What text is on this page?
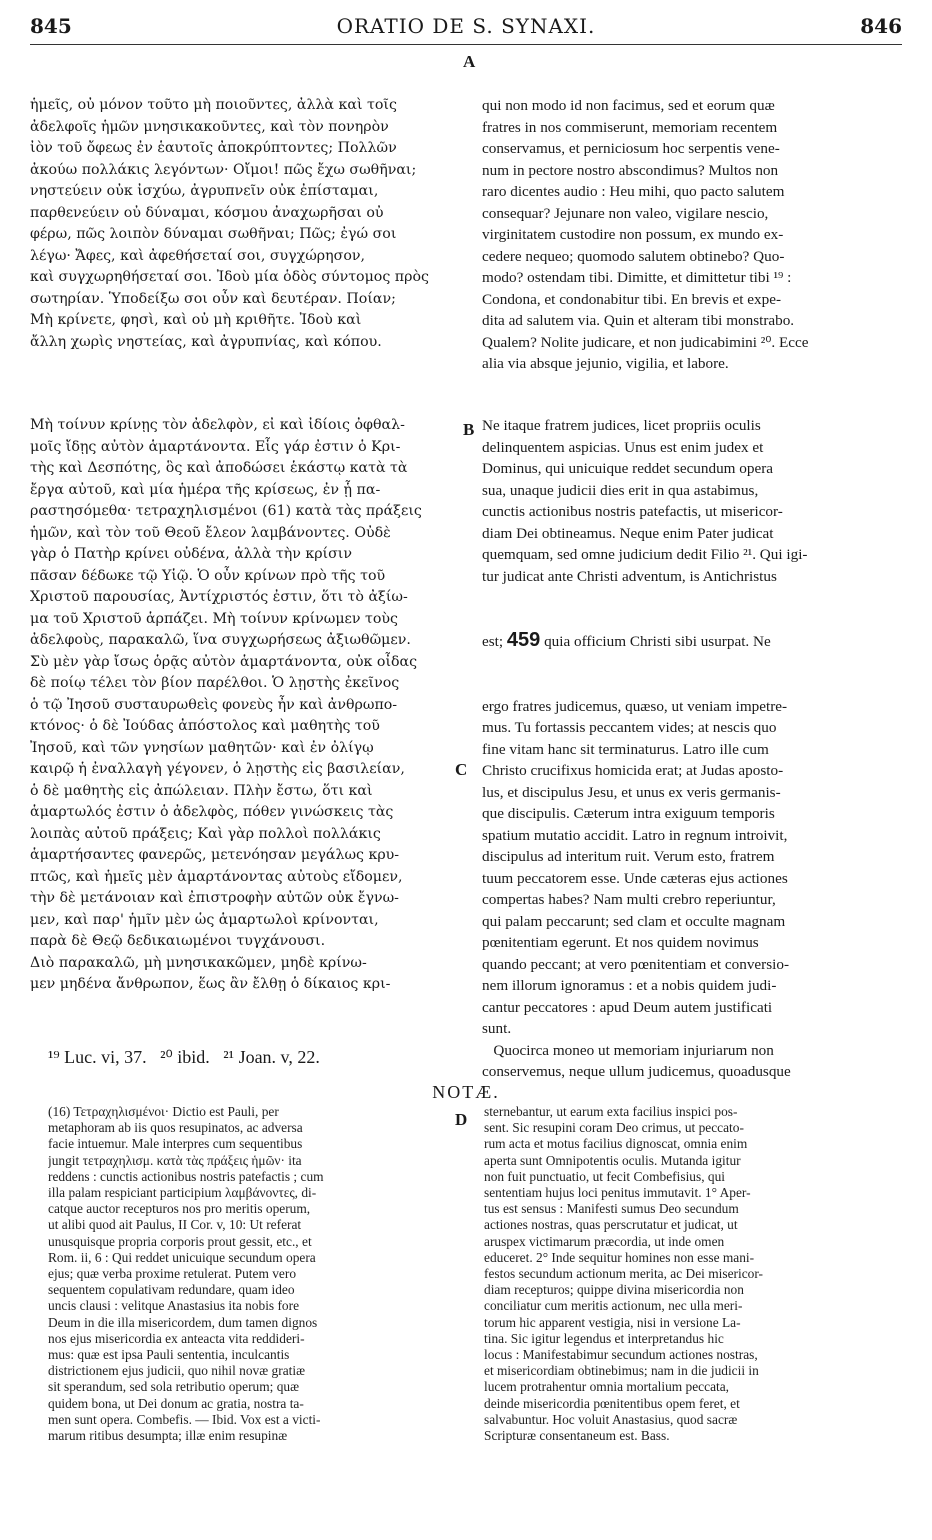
845	ORATIO DE S. SYNAXI.	846
A
B
C
D

ἡμεῖς, οὐ μόνον τοῦτο μὴ ποιοῦντες, ἀλλὰ καὶ τοῖς
ἀδελφοῖς ἡμῶν μνησικακοῦντες, καὶ τὸν πονηρὸν
ἰὸν τοῦ ὄφεως ἐν ἑαυτοῖς ἀποκρύπτοντες; Πολλῶν
ἀκούω πολλάκις λεγόντων· Οἴμοι! πῶς ἔχω σωθῆναι;
νηστεύειν οὐκ ἰσχύω, ἀγρυπνεῖν οὐκ ἐπίσταμαι,
παρθενεύειν οὐ δύναμαι, κόσμου ἀναχωρῆσαι οὐ
φέρω, πῶς λοιπὸν δύναμαι σωθῆναι; Πῶς; ἐγώ σοι
λέγω· Ἄφες, καὶ ἀφεθήσεταί σοι, συγχώρησον,
καὶ συγχωρηθήσεταί σοι. Ἰδοὺ μία ὁδὸς σύντομος πρὸς
σωτηρίαν. Ὑποδείξω σοι οὖν καὶ δευτέραν. Ποίαν;
Μὴ κρίνετε, φησὶ, καὶ οὐ μὴ κριθῆτε. Ἰδοὺ καὶ
ἄλλη χωρὶς νηστείας, καὶ ἀγρυπνίας, καὶ κόπου.

Μὴ τοίνυν κρίνῃς τὸν ἀδελφὸν, εἰ καὶ ἰδίοις ὀφθαλ-
μοῖς ἴδῃς αὐτὸν ἁμαρτάνοντα. Εἷς γάρ ἐστιν ὁ Κρι-
τὴς καὶ Δεσπότης, ὃς καὶ ἀποδώσει ἑκάστῳ κατὰ τὰ
ἔργα αὐτοῦ, καὶ μία ἡμέρα τῆς κρίσεως, ἐν ᾗ πα-
ραστησόμεθα· τετραχηλισμένοι (61) κατὰ τὰς πράξεις
ἡμῶν, καὶ τὸν τοῦ Θεοῦ ἔλεον λαμβάνοντες. Οὐδὲ
γὰρ ὁ Πατὴρ κρίνει οὐδένα, ἀλλὰ τὴν κρίσιν
πᾶσαν δέδωκε τῷ Υἱῷ. Ὁ οὖν κρίνων πρὸ τῆς τοῦ
Χριστοῦ παρουσίας, Ἀντίχριστός ἐστιν, ὅτι τὸ ἀξίω-
μα τοῦ Χριστοῦ ἁρπάζει. Μὴ τοίνυν κρίνωμεν τοὺς
ἀδελφοὺς, παρακαλῶ, ἵνα συγχωρήσεως ἀξιωθῶμεν.
Σὺ μὲν γὰρ ἴσως ὁρᾷς αὐτὸν ἁμαρτάνοντα, οὐκ οἶδας
δὲ ποίῳ τέλει τὸν βίον παρέλθοι. Ὁ λῃστὴς ἐκεῖνος
ὁ τῷ Ἰησοῦ συσταυρωθεὶς φονεὺς ἦν καὶ ἀνθρωπο-
κτόνος· ὁ δὲ Ἰούδας ἀπόστολος καὶ μαθητὴς τοῦ
Ἰησοῦ, καὶ τῶν γνησίων μαθητῶν· καὶ ἐν ὀλίγῳ
καιρῷ ἡ ἐναλλαγὴ γέγονεν, ὁ λῃστὴς εἰς βασιλείαν,
ὁ δὲ μαθητὴς εἰς ἀπώλειαν. Πλὴν ἔστω, ὅτι καὶ
ἁμαρτωλός ἐστιν ὁ ἀδελφὸς, πόθεν γινώσκεις τὰς
λοιπὰς αὐτοῦ πράξεις; Καὶ γὰρ πολλοὶ πολλάκις
ἁμαρτήσαντες φανερῶς, μετενόησαν μεγάλως κρυ-
πτῶς, καὶ ἡμεῖς μὲν ἁμαρτάνοντας αὐτοὺς εἴδομεν,
τὴν δὲ μετάνοιαν καὶ ἐπιστροφὴν αὐτῶν οὐκ ἔγνω-
μεν, καὶ παρ' ἡμῖν μὲν ὡς ἁμαρτωλοὶ κρίνονται,
παρὰ δὲ Θεῷ δεδικαιωμένοι τυγχάνουσι.
Διὸ παρακαλῶ, μὴ μνησικακῶμεν, μηδὲ κρίνω-
μεν μηδένα ἄνθρωπον, ἕως ἂν ἔλθῃ ὁ δίκαιος κρι-

qui non modo id non facimus, sed et eorum quæ
fratres in nos commiserunt, memoriam recentem
conservamus, et perniciosum hoc serpentis vene-
num in pectore nostro abscondimus? Multos non
raro dicentes audio : Heu mihi, quo pacto salutem
consequar? Jejunare non valeo, vigilare nescio,
virginitatem custodire non possum, ex mundo ex-
cedere nequeo; quomodo salutem obtinebo? Quo-
modo? ostendam tibi. Dimitte, et dimittetur tibi ¹⁹ :
Condona, et condonabitur tibi. En brevis et expe-
dita ad salutem via. Quin et alteram tibi monstrabo.
Qualem? Nolite judicare, et non judicabimini ²⁰. Ecce
alia via absque jejunio, vigilia, et labore.

Ne itaque fratrem judices, licet propriis oculis
delinquentem aspicias. Unus est enim judex et
Dominus, qui unicuique reddet secundum opera
sua, unaque judicii dies erit in qua astabimus,
cunctis actionibus nostris patefactis, ut misericor-
diam Dei obtineamus. Neque enim Pater judicat
quemquam, sed omne judicium dedit Filio ²¹. Qui igi-
tur judicat ante Christi adventum, is Antichristus

est; 459 quia officium Christi sibi usurpat. Ne

ergo fratres judicemus, quæso, ut veniam impetre-
mus. Tu fortassis peccantem vides; at nescis quo
fine vitam hanc sit terminaturus. Latro ille cum
Christo crucifixus homicida erat; at Judas aposto-
lus, et discipulus Jesu, et unus ex veris germanis-
que discipulis. Cæterum intra exiguum temporis
spatium mutatio accidit. Latro in regnum introivit,
discipulus ad interitum ruit. Verum esto, fratrem
tuum peccatorem esse. Unde cæteras ejus actiones
compertas habes? Nam multi crebro reperiuntur,
qui palam peccarunt; sed clam et occulte magnam
pœnitentiam egerunt. Et nos quidem novimus
quando peccant; at vero pœnitentiam et conversio-
nem illorum ignoramus : et a nobis quidem judi-
cantur peccatores : apud Deum autem justificati
sunt.
Quocirca moneo ut memoriam injuriarum non
conservemus, neque ullum judicemus, quoadusque

¹⁹ Luc. vi, 37.   ²⁰ ibid.   ²¹ Joan. v, 22.
NOTÆ.
(16) Τετραχηλισμένοι· Dictio est Pauli, per
metaphoram ab iis quos resupinatos, ac adversa
facie intuemur. Male interpres cum sequentibus
jungit τετραχηλισμ. κατὰ τὰς πράξεις ἡμῶν· ita
reddens : cunctis actionibus nostris patefactis ; cum
illa palam respiciant participium λαμβάνοντες, di-
catque auctor recepturos nos pro meritis operum,
ut alibi quod ait Paulus, II Cor. v, 10: Ut referat
unusquisque propria corporis prout gessit, etc., et
Rom. ii, 6 : Qui reddet unicuique secundum opera
ejus; quæ verba proxime retulerat. Putem vero
sequentem copulativam redundare, quam ideo
uncis clausi : velitque Anastasius ita nobis fore
Deum in die illa misericordem, dum tamen dignos
nos ejus misericordia ex anteacta vita reddideri-
mus: quæ est ipsa Pauli sententia, inculcantis
districtionem ejus judicii, quo nihil novæ gratiæ
sit sperandum, sed sola retributio operum; quæ
quidem bona, ut Dei donum ac gratia, nostra ta-
men sunt opera. Combefis. — Ibid. Vox est a victi-
marum ritibus desumpta; illæ enim resupinæ
sternebantur, ut earum exta facilius inspici pos-
sent. Sic resupini coram Deo crimus, ut peccato-
rum acta et motus facilius dignoscat, omnia enim
aperta sunt Omnipotentis oculis. Mutanda igitur
non fuit punctuatio, ut fecit Combefisius, qui
sententiam hujus loci penitus immutavit. 1° Aper-
tus est sensus : Manifesti sumus Deo secundum
actiones nostras, quas perscrutatur et judicat, ut
aruspex victimarum præcordia, ut inde omen
educeret. 2° Inde sequitur homines non esse mani-
festos secundum actionum merita, ac Dei misericor-
diam recepturos; quippe divina misericordia non
conciliatur cum meritis actionum, nec ulla meri-
torum hic apparent vestigia, nisi in versione La-
tina. Sic igitur legendus et interpretandus hic
locus : Manifestabimur secundum actiones nostras,
et misericordiam obtinebimus; nam in die judicii in
lucem protrahentur omnia mortalium peccata,
deinde misericordia pœnitentibus opem feret, et
salvabuntur. Hoc voluit Anastasius, quod sacræ
Scripturæ consentaneum est. Bass.
